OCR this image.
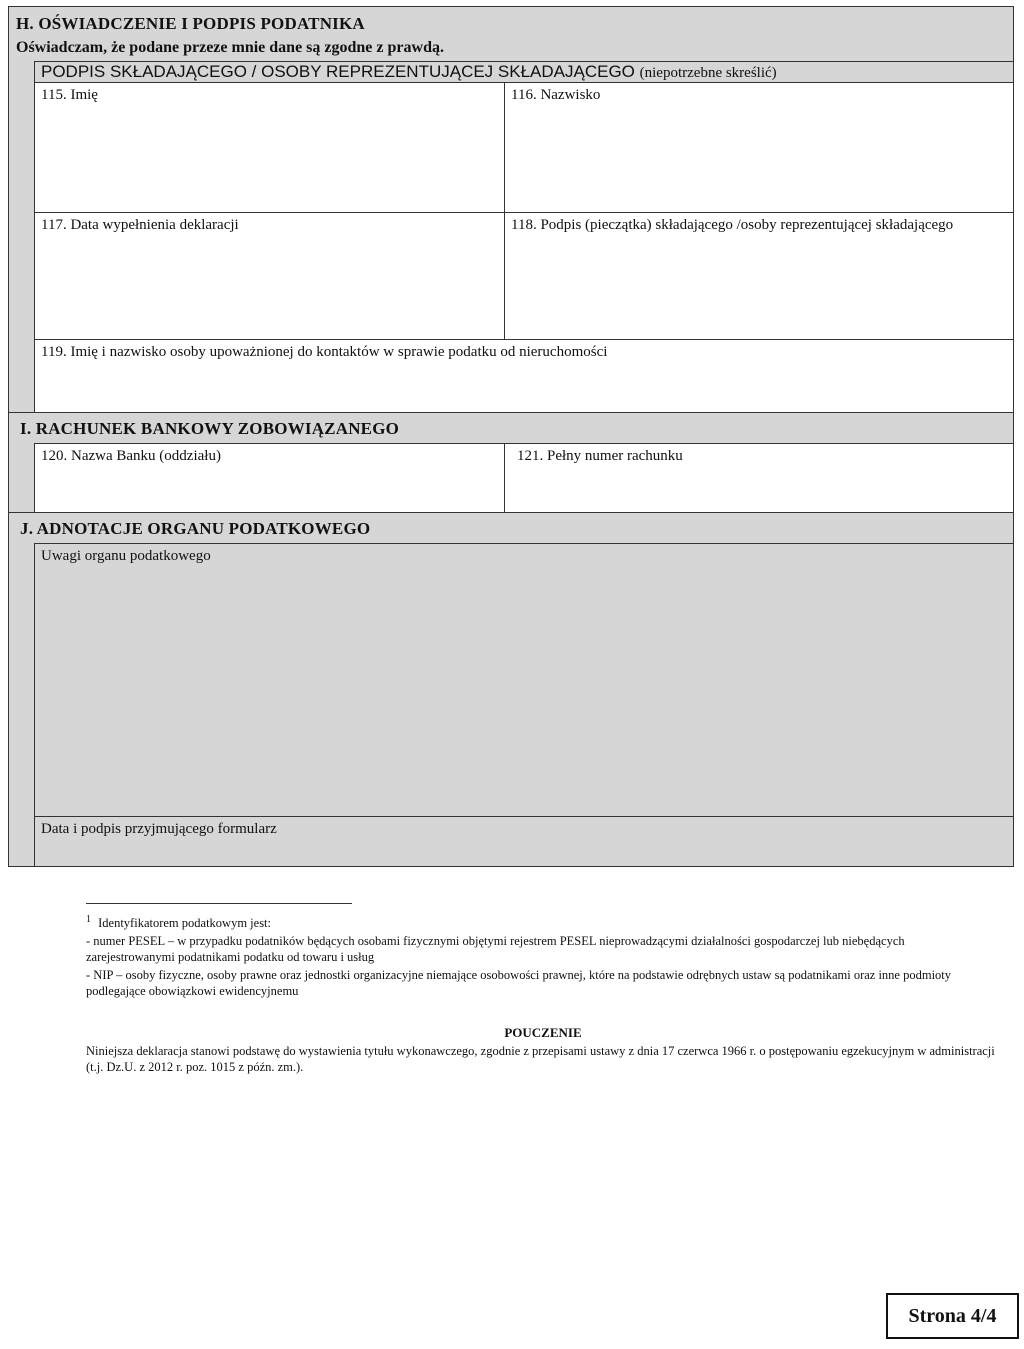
H. OŚWIADCZENIE I PODPIS PODATNIKA
Oświadczam, że podane przeze mnie dane są zgodne z prawdą.
PODPIS SKŁADAJĄCEGO / OSOBY REPREZENTUJĄCEJ SKŁADAJĄCEGO (niepotrzebne skreślić)
115. Imię	116. Nazwisko
117. Data wypełnienia deklaracji	118. Podpis (pieczątka) składającego /osoby reprezentującej składającego
119. Imię i nazwisko osoby upoważnionej do kontaktów w sprawie podatku od nieruchomości
I. RACHUNEK BANKOWY ZOBOWIĄZANEGO
120. Nazwa Banku (oddziału)	121. Pełny numer rachunku
J. ADNOTACJE ORGANU PODATKOWEGO
Uwagi organu podatkowego
Data i podpis przyjmującego formularz
$^1$ Identyfikatorem podatkowym jest:
- numer PESEL – w przypadku podatników będących osobami fizycznymi objętymi rejestrem PESEL nieprowadzącymi działalności gospodarczej lub niebędących zarejestrowanymi podatnikami podatku od towaru i usług
- NIP – osoby fizyczne, osoby prawne oraz jednostki organizacyjne niemające osobowości prawnej, które na podstawie odrębnych ustaw są podatnikami oraz inne podmioty podlegające obowiązkowi ewidencyjnemu
POUCZENIE
Niniejsza deklaracja stanowi podstawę do wystawienia tytułu wykonawczego, zgodnie z przepisami ustawy z dnia 17 czerwca 1966 r. o postępowaniu egzekucyjnym w administracji (t.j. Dz.U. z 2012 r. poz. 1015 z późn. zm.).
Strona 4/4
